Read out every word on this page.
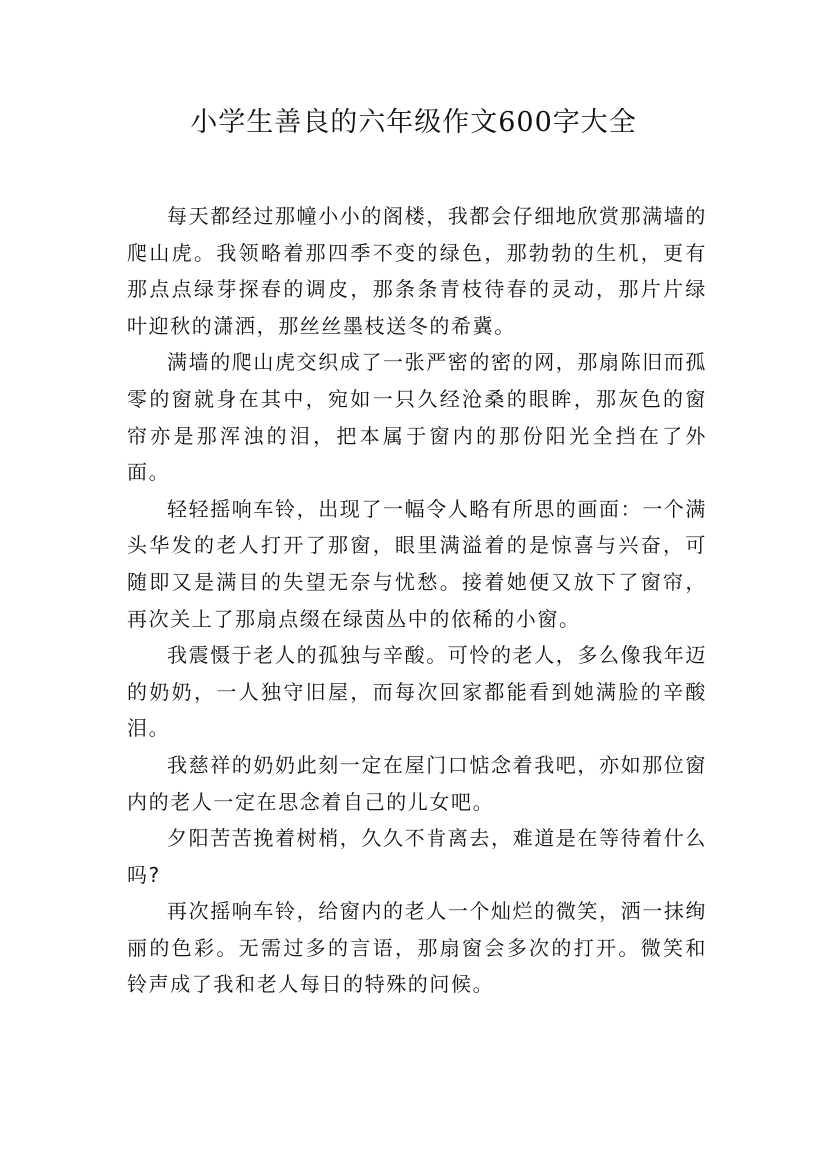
小学生善良的六年级作文600字大全

每天都经过那幢小小的阁楼，我都会仔细地欣赏那满墙的爬山虎。我领略着那四季不变的绿色，那勃勃的生机，更有那点点绿芽探春的调皮，那条条青枝待春的灵动，那片片绿叶迎秋的潇洒，那丝丝墨枝送冬的希冀。

满墙的爬山虎交织成了一张严密的密的网，那扇陈旧而孤零的窗就身在其中，宛如一只久经沧桑的眼眸，那灰色的窗帘亦是那浑浊的泪，把本属于窗内的那份阳光全挡在了外面。

轻轻摇响车铃，出现了一幅令人略有所思的画面：一个满头华发的老人打开了那窗，眼里满溢着的是惊喜与兴奋，可随即又是满目的失望无奈与忧愁。接着她便又放下了窗帘，再次关上了那扇点缀在绿茵丛中的依稀的小窗。

我震慑于老人的孤独与辛酸。可怜的老人，多么像我年迈的奶奶，一人独守旧屋，而每次回家都能看到她满脸的辛酸泪。

我慈祥的奶奶此刻一定在屋门口惦念着我吧，亦如那位窗内的老人一定在思念着自己的儿女吧。

夕阳苦苦挽着树梢，久久不肯离去，难道是在等待着什么吗?

再次摇响车铃，给窗内的老人一个灿烂的微笑，洒一抹绚丽的色彩。无需过多的言语，那扇窗会多次的打开。微笑和铃声成了我和老人每日的特殊的问候。
